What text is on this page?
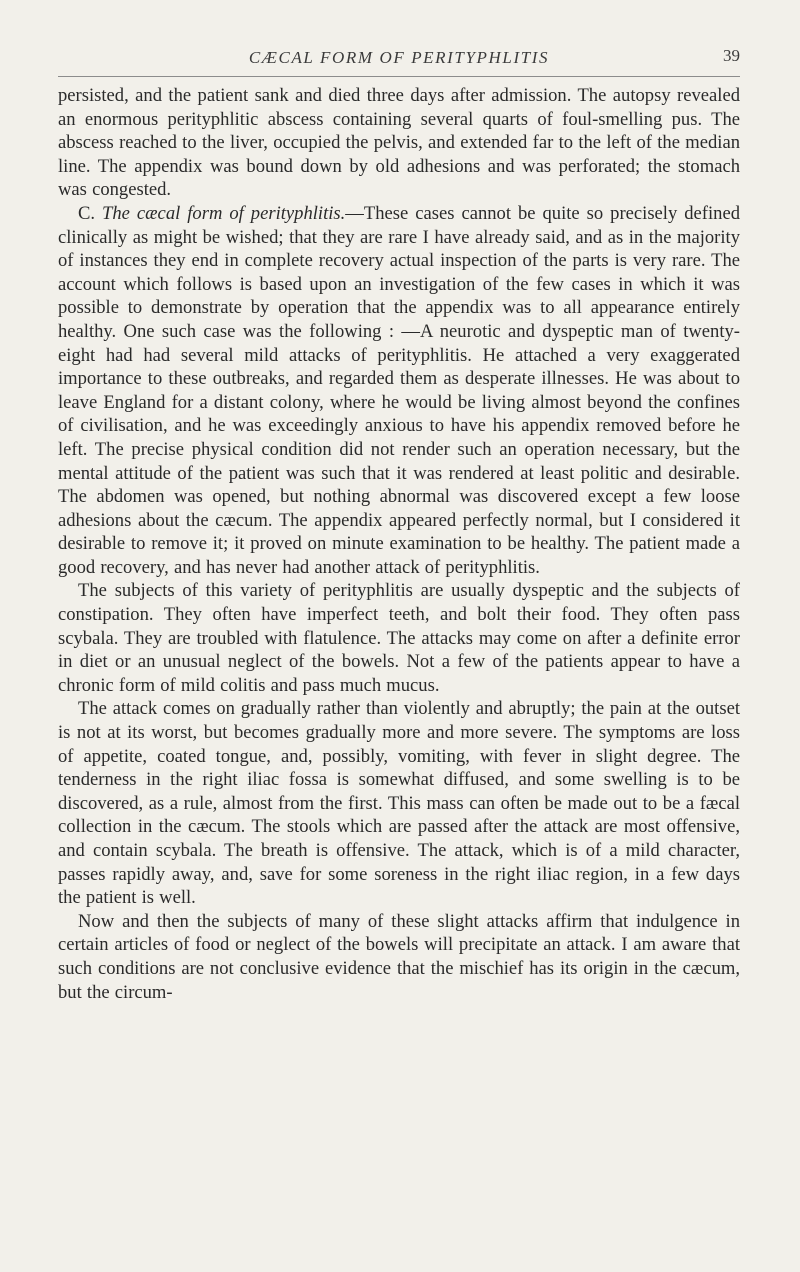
CÆCAL FORM OF PERITYPHLITIS	39

persisted, and the patient sank and died three days after admission. The autopsy revealed an enormous perityphlitic abscess containing several quarts of foul-smelling pus. The abscess reached to the liver, occupied the pelvis, and extended far to the left of the median line. The appendix was bound down by old adhesions and was perforated; the stomach was congested.

C. The cæcal form of perityphlitis.—These cases cannot be quite so precisely defined clinically as might be wished; that they are rare I have already said, and as in the majority of instances they end in complete recovery actual inspection of the parts is very rare. The account which follows is based upon an investigation of the few cases in which it was possible to demonstrate by operation that the appendix was to all appearance entirely healthy. One such case was the following : —A neurotic and dyspeptic man of twenty-eight had had several mild attacks of perityphlitis. He attached a very exaggerated importance to these outbreaks, and regarded them as desperate illnesses. He was about to leave England for a distant colony, where he would be living almost beyond the confines of civilisation, and he was exceedingly anxious to have his appendix removed before he left. The precise physical condition did not render such an operation necessary, but the mental attitude of the patient was such that it was rendered at least politic and desirable. The abdomen was opened, but nothing abnormal was discovered except a few loose adhesions about the cæcum. The appendix appeared perfectly normal, but I considered it desirable to remove it; it proved on minute examination to be healthy. The patient made a good recovery, and has never had another attack of perityphlitis.

The subjects of this variety of perityphlitis are usually dyspeptic and the subjects of constipation. They often have imperfect teeth, and bolt their food. They often pass scybala. They are troubled with flatulence. The attacks may come on after a definite error in diet or an unusual neglect of the bowels. Not a few of the patients appear to have a chronic form of mild colitis and pass much mucus.

The attack comes on gradually rather than violently and abruptly; the pain at the outset is not at its worst, but becomes gradually more and more severe. The symptoms are loss of appetite, coated tongue, and, possibly, vomiting, with fever in slight degree. The tenderness in the right iliac fossa is somewhat diffused, and some swelling is to be discovered, as a rule, almost from the first. This mass can often be made out to be a fæcal collection in the cæcum. The stools which are passed after the attack are most offensive, and contain scybala. The breath is offensive. The attack, which is of a mild character, passes rapidly away, and, save for some soreness in the right iliac region, in a few days the patient is well.

Now and then the subjects of many of these slight attacks affirm that indulgence in certain articles of food or neglect of the bowels will precipitate an attack. I am aware that such conditions are not conclusive evidence that the mischief has its origin in the cæcum, but the circum-
